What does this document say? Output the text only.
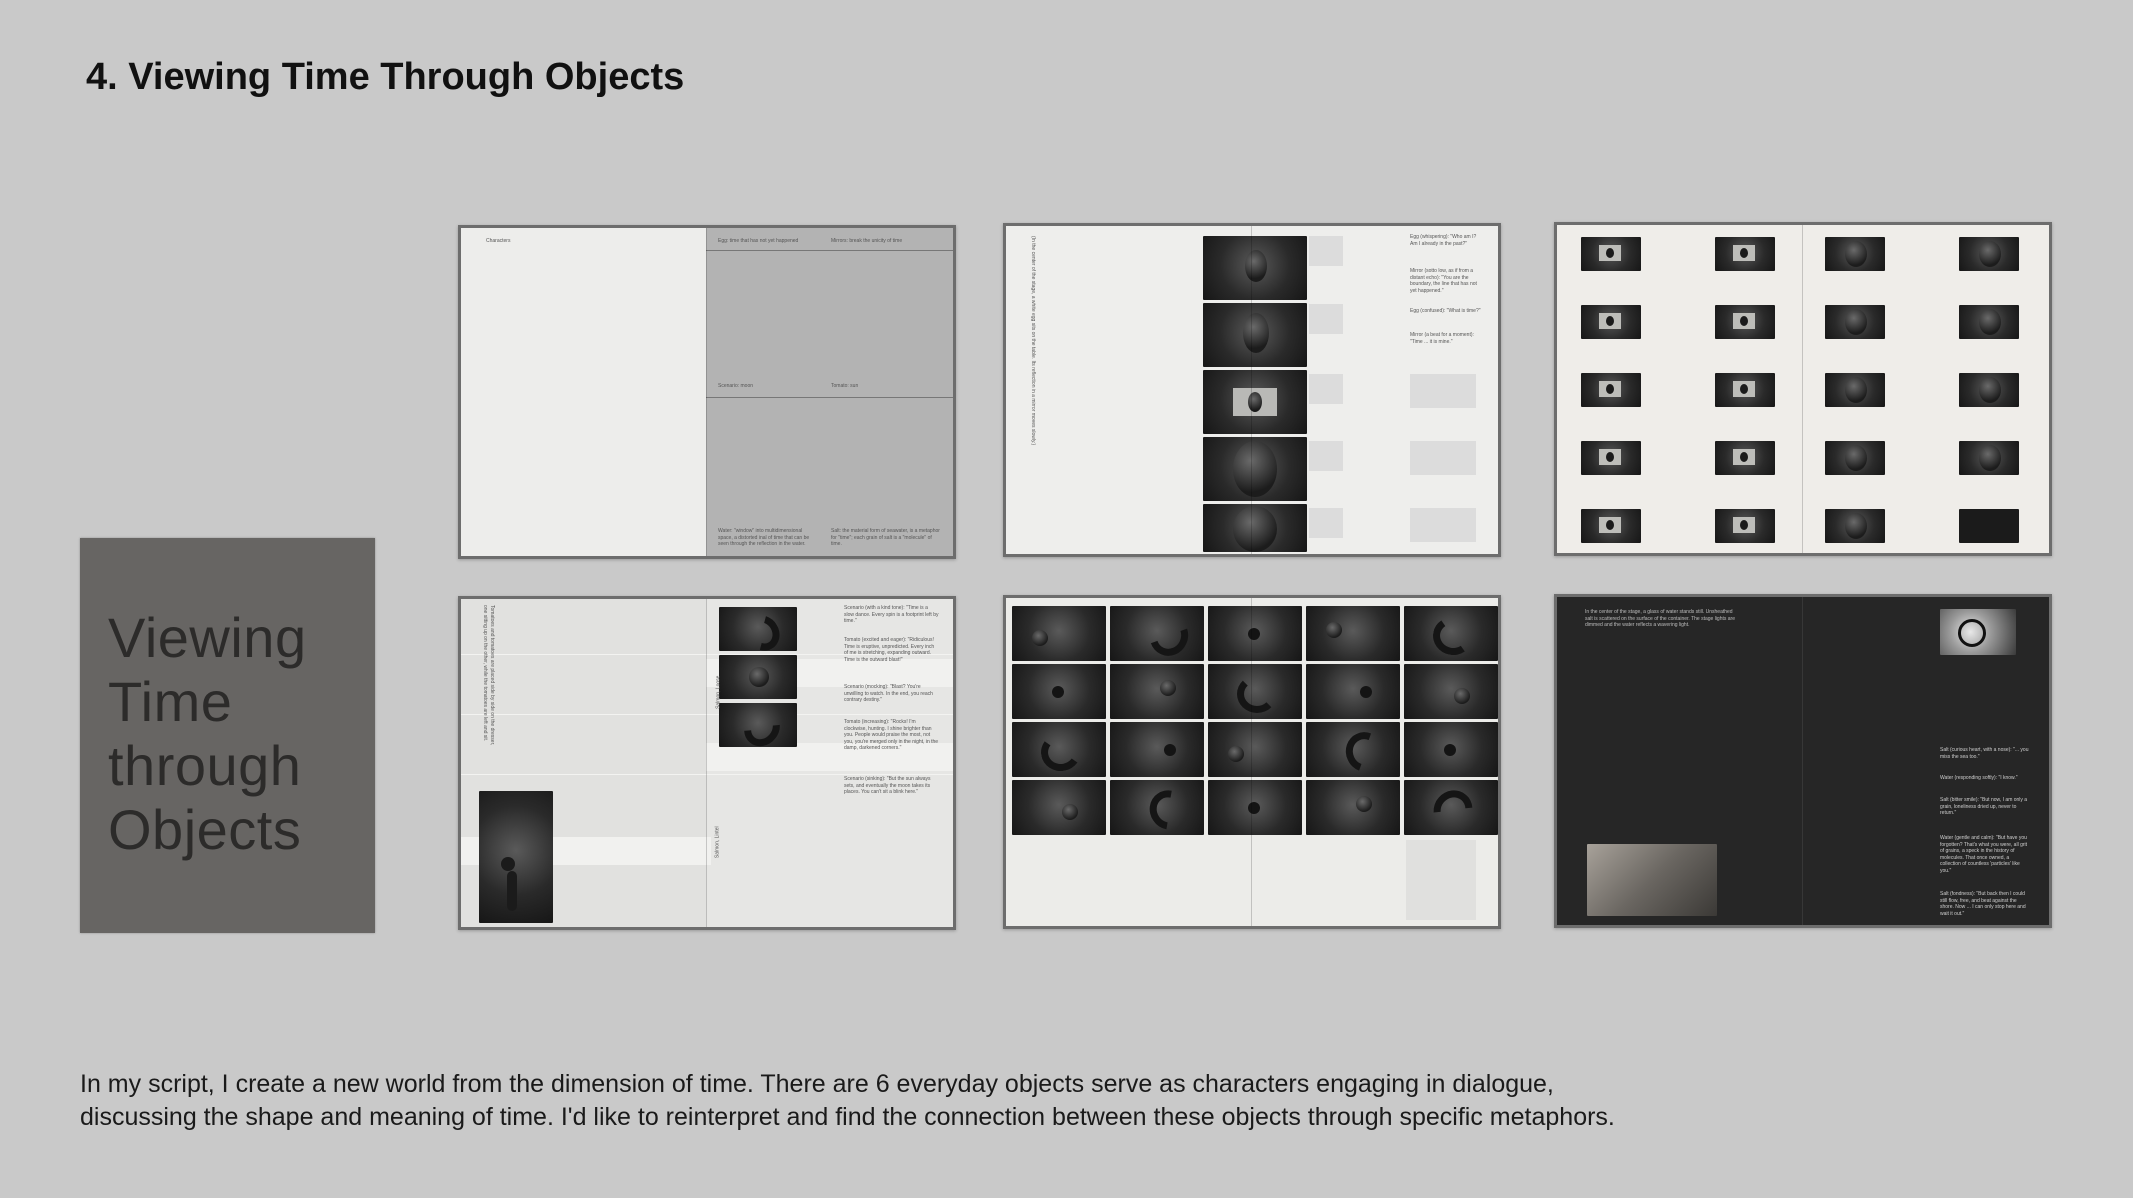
4. Viewing Time Through Objects
Viewing
Time
through
Objects
Characters	Egg: time that has not yet happened	Mirrors: break the unicity of time
Scenario: moon	Tomato: sun
Water: "window" into multidimensional space, a distorted inal of time that can be seen through the reflection in the water.
Salt: the material form of seawater, is a metaphor for "time"; each grain of salt is a "molecule" of time.
(In the center of the stage, a white egg sits on the table. Its reflection in a mirror moves slowly.)	Egg (whispering): "Who am I? Am I already in the past?"
Mirror (sotto low, as if from a distant echo): "You are the boundary, the line that has not yet happened."
Egg (confused): "What is time?"
Mirror (a beat for a moment): "Time ... it is mine."
Tomatoes and tomatoes are placed side by side on the dresser, one sitting up on the other, while the tomatoes are left and sit.	Salmon, Loose
Salmon, Lintel
Scenario (with a kind tone): "Time is a slow dance. Every spin is a footprint left by time."
Tomato (excited and eager): "Ridiculous! Time is eruptive, unpredicted. Every inch of me is stretching, expanding outward. Time is the outward blast!"
Scenario (mocking): "Blast? You're unwilling to watch. In the end, you reach contrary destiny."
Tomato (increasing): "Rocks! I'm clockwise, hunting. I shine brighter than you. People would praise the most, not you, you're merged only in the night, in the damp, darkened corners."
Scenario (sinking): "But the sun always sets, and eventually the moon takes its places. You can't sit a blink here."
In the center of the stage, a glass of water stands still. Unsheathed salt is scattered on the surface of the container. The stage lights are dimmed and the water reflects a wavering light.
Salt (curious heart, with a nose): "... you miss the sea too."
Water (responding softly): "I know."
Salt (bitter smile): "But now, I am only a grain, loneliness dried up, never to return."
Water (gentle and calm): "But have you forgotten? That's what you were, all grit of grains, a speck in the history of molecules. That once owned, a collection of countless 'particles' like you."
Salt (fondness): "But back then I could still flow, free, and beat against the shore. Now ... I can only stop here and wait it out."
In my script, I create a new world from the dimension of time. There are 6 everyday objects serve as characters engaging in dialogue,
discussing the shape and meaning of time. I'd like to reinterpret and find the connection between these objects through specific metaphors.
